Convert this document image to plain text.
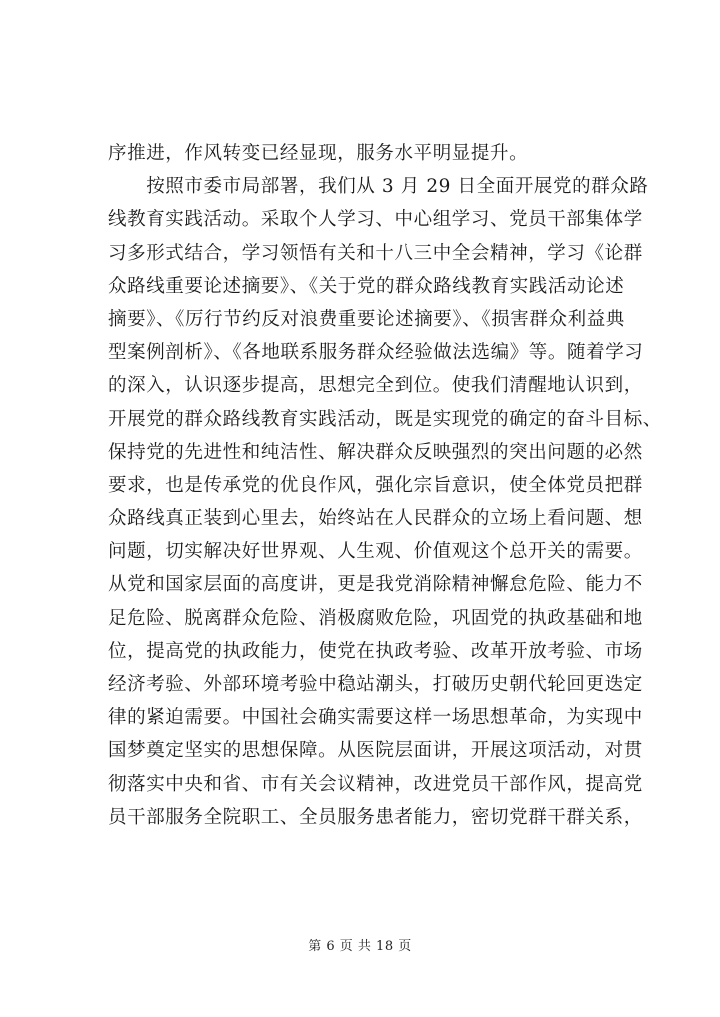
序推进，作风转变已经显现，服务水平明显提升。
　　按照市委市局部署，我们从 3 月 29 日全面开展党的群众路
线教育实践活动。采取个人学习、中心组学习、党员干部集体学
习多形式结合，学习领悟有关和十八三中全会精神，学习《论群
众路线重要论述摘要》、《关于党的群众路线教育实践活动论述
摘要》、《厉行节约反对浪费重要论述摘要》、《损害群众利益典
型案例剖析》、《各地联系服务群众经验做法选编》等。随着学习
的深入，认识逐步提高，思想完全到位。使我们清醒地认识到，
开展党的群众路线教育实践活动，既是实现党的确定的奋斗目标、
保持党的先进性和纯洁性、解决群众反映强烈的突出问题的必然
要求，也是传承党的优良作风，强化宗旨意识，使全体党员把群
众路线真正装到心里去，始终站在人民群众的立场上看问题、想
问题，切实解决好世界观、人生观、价值观这个总开关的需要。
从党和国家层面的高度讲，更是我党消除精神懈怠危险、能力不
足危险、脱离群众危险、消极腐败危险，巩固党的执政基础和地
位，提高党的执政能力，使党在执政考验、改革开放考验、市场
经济考验、外部环境考验中稳站潮头，打破历史朝代轮回更迭定
律的紧迫需要。中国社会确实需要这样一场思想革命，为实现中
国梦奠定坚实的思想保障。从医院层面讲，开展这项活动，对贯
彻落实中央和省、市有关会议精神，改进党员干部作风，提高党
员干部服务全院职工、全员服务患者能力，密切党群干群关系，
第 6 页 共 18 页
